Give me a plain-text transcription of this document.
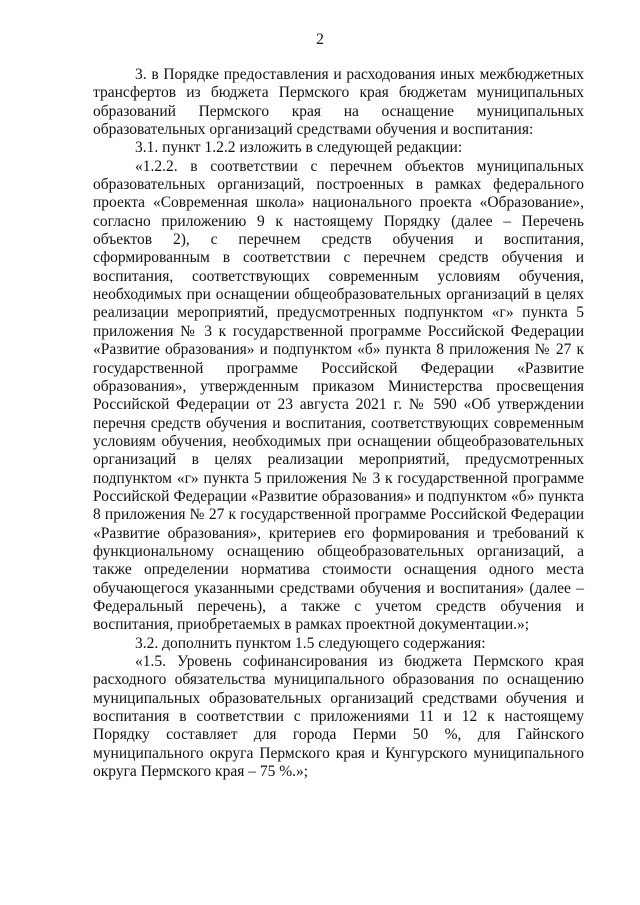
2

3. в Порядке предоставления и расходования иных межбюджетных трансфертов из бюджета Пермского края бюджетам муниципальных образований Пермского края на оснащение муниципальных образовательных организаций средствами обучения и воспитания:

3.1. пункт 1.2.2 изложить в следующей редакции:

«1.2.2. в соответствии с перечнем объектов муниципальных образовательных организаций, построенных в рамках федерального проекта «Современная школа» национального проекта «Образование», согласно приложению 9 к настоящему Порядку (далее – Перечень объектов 2), с перечнем средств обучения и воспитания, сформированным в соответствии с перечнем средств обучения и воспитания, соответствующих современным условиям обучения, необходимых при оснащении общеобразовательных организаций в целях реализации мероприятий, предусмотренных подпунктом «г» пункта 5 приложения № 3 к государственной программе Российской Федерации «Развитие образования» и подпунктом «б» пункта 8 приложения № 27 к государственной программе Российской Федерации «Развитие образования», утвержденным приказом Министерства просвещения Российской Федерации от 23 августа 2021 г. № 590 «Об утверждении перечня средств обучения и воспитания, соответствующих современным условиям обучения, необходимых при оснащении общеобразовательных организаций в целях реализации мероприятий, предусмотренных подпунктом «г» пункта 5 приложения № 3 к государственной программе Российской Федерации «Развитие образования» и подпунктом «б» пункта 8 приложения № 27 к государственной программе Российской Федерации «Развитие образования», критериев его формирования и требований к функциональному оснащению общеобразовательных организаций, а также определении норматива стоимости оснащения одного места обучающегося указанными средствами обучения и воспитания» (далее – Федеральный перечень), а также с учетом средств обучения и воспитания, приобретаемых в рамках проектной документации.»;

3.2. дополнить пунктом 1.5 следующего содержания:

«1.5. Уровень софинансирования из бюджета Пермского края расходного обязательства муниципального образования по оснащению муниципальных образовательных организаций средствами обучения и воспитания в соответствии с приложениями 11 и 12 к настоящему Порядку составляет для города Перми 50 %, для Гайнского муниципального округа Пермского края и Кунгурского муниципального округа Пермского края – 75 %.»;
